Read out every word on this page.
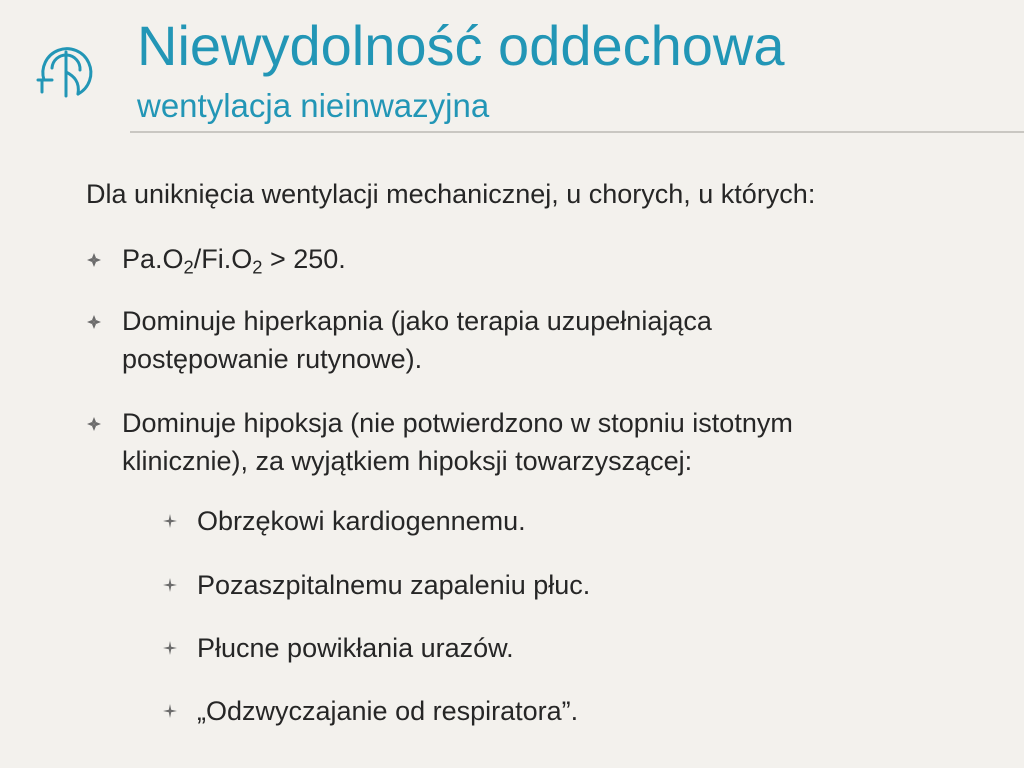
Niewydolność oddechowa
wentylacja nieinwazyjna
Dla uniknięcia wentylacji mechanicznej, u chorych, u których:
$Pa.O_2/Fi.O_2 > 250$.
Dominuje hiperkapnia (jako terapia uzupełniająca
postępowanie rutynowe).
Dominuje hipoksja (nie potwierdzono w stopniu istotnym
klinicznie), za wyjątkiem hipoksji towarzyszącej:
Obrzękowi kardiogennemu.
Pozaszpitalnemu zapaleniu płuc.
Płucne powikłania urazów.
„Odzwyczajanie od respiratora”.
